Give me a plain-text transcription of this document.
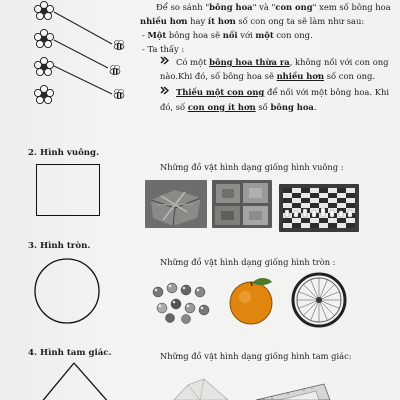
Để so sánh "bông hoa" và "con ong" xem số bông hoa
nhiều hơn hay ít hơn số con ong ta sẽ làm như sau:
- Một bông hoa sẽ nối với một con ong.
- Ta thấy :
Có một bông hoa thừa ra, không nối với con ong
nào.Khi đó, số bông hoa sẽ nhiều hơn số con ong.
Thiếu một con ong để nối với một bông hoa. Khi
đó, số con ong ít hơn số bông hoa.
2. Hình vuông.
Những đồ vật hình dạng giống hình vuông :
3. Hình tròn.
Những đồ vật hình dạng giống hình tròn :
4. Hình tam giác.	Những đồ vật hình dạng giống hình tam giác:
